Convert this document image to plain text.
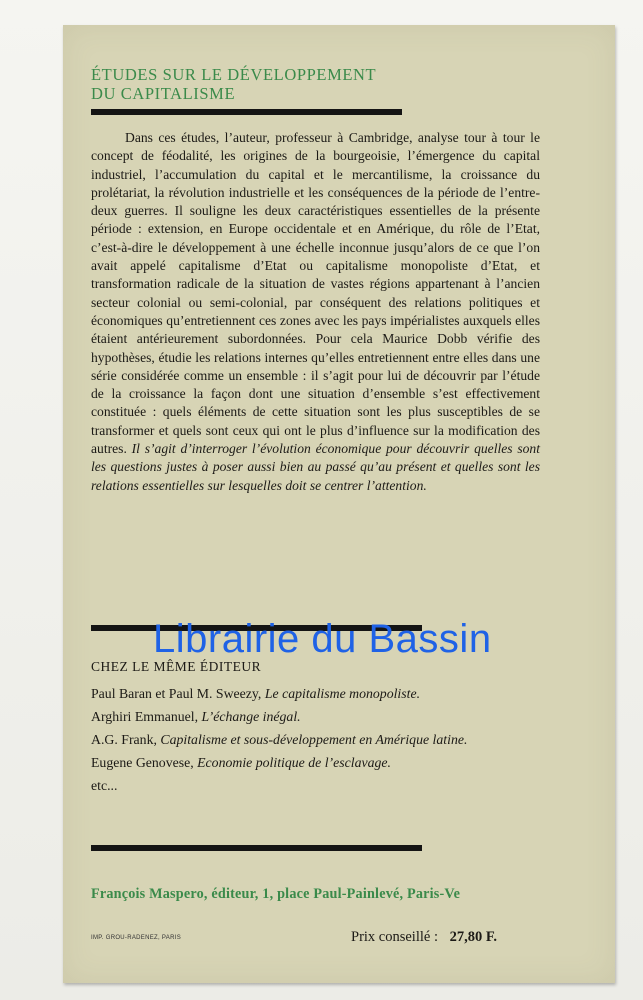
ÉTUDES SUR LE DÉVELOPPEMENT
DU CAPITALISME

Dans ces études, l’auteur, professeur à Cambridge, analyse tour à tour le concept de féodalité, les origines de la bourgeoisie, l’émergence du capital industriel, l’accumulation du capital et le mercantilisme, la croissance du prolétariat, la révolution industrielle et les conséquences de la période de l’entre-deux guerres. Il souligne les deux caractéristiques essentielles de la présente période : extension, en Europe occidentale et en Amérique, du rôle de l’Etat, c’est-à-dire le développement à une échelle inconnue jusqu’alors de ce que l’on avait appelé capitalisme d’Etat ou capitalisme monopoliste d’Etat, et transformation radicale de la situation de vastes régions appartenant à l’ancien secteur colonial ou semi-colonial, par conséquent des relations politiques et économiques qu’entretiennent ces zones avec les pays impérialistes auxquels elles étaient antérieurement subordonnées. Pour cela Maurice Dobb vérifie des hypothèses, étudie les relations internes qu’elles entretiennent entre elles dans une série considérée comme un ensemble : il s’agit pour lui de découvrir par l’étude de la croissance la façon dont une situation d’ensemble s’est effectivement constituée : quels éléments de cette situation sont les plus susceptibles de se transformer et quels sont ceux qui ont le plus d’influence sur la modification des autres. Il s’agit d’interroger l’évolution économique pour découvrir quelles sont les questions justes à poser aussi bien au passé qu’au présent et quelles sont les relations essentielles sur lesquelles doit se centrer l’attention.

CHEZ LE MÊME ÉDITEUR
Paul Baran et Paul M. Sweezy, Le capitalisme monopoliste.
Arghiri Emmanuel, L’échange inégal.
A.G. Frank, Capitalisme et sous-développement en Amérique latine.
Eugene Genovese, Economie politique de l’esclavage.
etc...
François Maspero, éditeur, 1, place Paul-Painlevé, Paris-Ve
IMP. GROU-RADENEZ, PARIS	Prix conseillé : 27,80 F.
Librairie du Bassin
